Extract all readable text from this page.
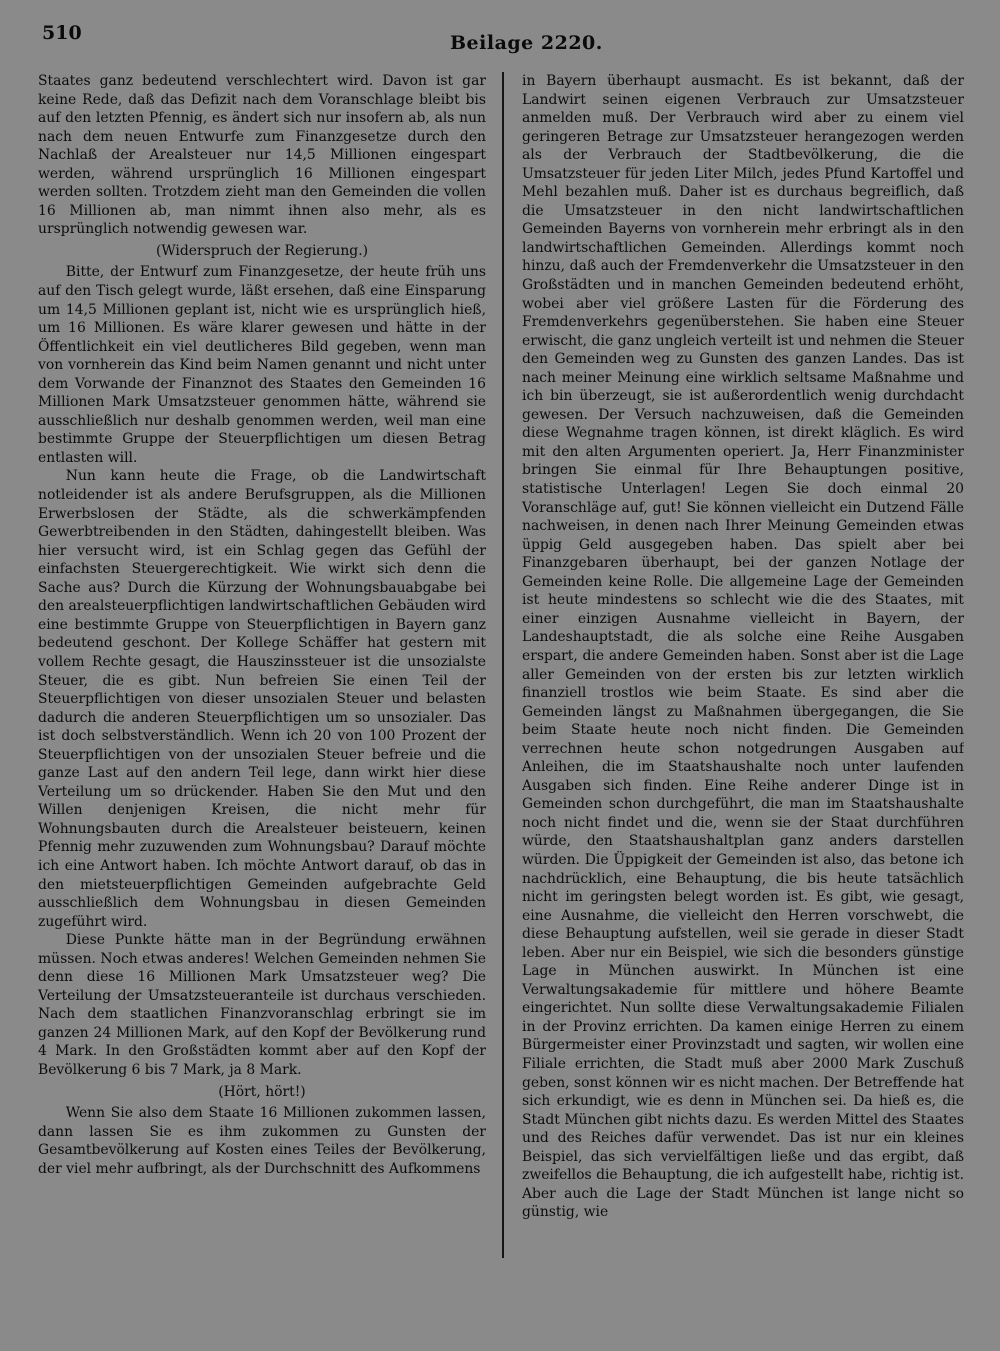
510	Beilage 2220.

Staates ganz bedeutend verschlechtert wird. Davon ist gar keine Rede, daß das Defizit nach dem Voranschlage bleibt bis auf den letzten Pfennig, es ändert sich nur insofern ab, als nun nach dem neuen Entwurfe zum Finanzgesetze durch den Nachlaß der Arealsteuer nur 14,5 Millionen eingespart werden, während ursprünglich 16 Millionen eingespart werden sollten. Trotzdem zieht man den Gemeinden die vollen 16 Millionen ab, man nimmt ihnen also mehr, als es ursprünglich notwendig gewesen war.

(Widerspruch der Regierung.)

Bitte, der Entwurf zum Finanzgesetze, der heute früh uns auf den Tisch gelegt wurde, läßt ersehen, daß eine Einsparung um 14,5 Millionen geplant ist, nicht wie es ursprünglich hieß, um 16 Millionen. Es wäre klarer gewesen und hätte in der Öffentlichkeit ein viel deutlicheres Bild gegeben, wenn man von vornherein das Kind beim Namen genannt und nicht unter dem Vorwande der Finanznot des Staates den Gemeinden 16 Millionen Mark Umsatzsteuer genommen hätte, während sie ausschließlich nur deshalb genommen werden, weil man eine bestimmte Gruppe der Steuerpflichtigen um diesen Betrag entlasten will.

Nun kann heute die Frage, ob die Landwirtschaft notleidender ist als andere Berufsgruppen, als die Millionen Erwerbslosen der Städte, als die schwerkämpfenden Gewerbtreibenden in den Städten, dahingestellt bleiben. Was hier versucht wird, ist ein Schlag gegen das Gefühl der einfachsten Steuergerechtigkeit. Wie wirkt sich denn die Sache aus? Durch die Kürzung der Wohnungsbauabgabe bei den arealsteuerpflichtigen landwirtschaftlichen Gebäuden wird eine bestimmte Gruppe von Steuerpflichtigen in Bayern ganz bedeutend geschont. Der Kollege Schäffer hat gestern mit vollem Rechte gesagt, die Hauszinssteuer ist die unsozialste Steuer, die es gibt. Nun befreien Sie einen Teil der Steuerpflichtigen von dieser unsozialen Steuer und belasten dadurch die anderen Steuerpflichtigen um so unsozialer. Das ist doch selbstverständlich. Wenn ich 20 von 100 Prozent der Steuerpflichtigen von der unsozialen Steuer befreie und die ganze Last auf den andern Teil lege, dann wirkt hier diese Verteilung um so drückender. Haben Sie den Mut und den Willen denjenigen Kreisen, die nicht mehr für Wohnungsbauten durch die Arealsteuer beisteuern, keinen Pfennig mehr zuzuwenden zum Wohnungsbau? Darauf möchte ich eine Antwort haben. Ich möchte Antwort darauf, ob das in den mietsteuerpflichtigen Gemeinden aufgebrachte Geld ausschließlich dem Wohnungsbau in diesen Gemeinden zugeführt wird.

Diese Punkte hätte man in der Begründung erwähnen müssen. Noch etwas anderes! Welchen Gemeinden nehmen Sie denn diese 16 Millionen Mark Umsatzsteuer weg? Die Verteilung der Umsatzsteueranteile ist durchaus verschieden. Nach dem staatlichen Finanzvoranschlag erbringt sie im ganzen 24 Millionen Mark, auf den Kopf der Bevölkerung rund 4 Mark. In den Großstädten kommt aber auf den Kopf der Bevölkerung 6 bis 7 Mark, ja 8 Mark.

(Hört, hört!)

Wenn Sie also dem Staate 16 Millionen zukommen lassen, dann lassen Sie es ihm zukommen zu Gunsten der Gesamtbevölkerung auf Kosten eines Teiles der Bevölkerung, der viel mehr aufbringt, als der Durchschnitt des Aufkommens

in Bayern überhaupt ausmacht. Es ist bekannt, daß der Landwirt seinen eigenen Verbrauch zur Umsatzsteuer anmelden muß. Der Verbrauch wird aber zu einem viel geringeren Betrage zur Umsatzsteuer herangezogen werden als der Verbrauch der Stadtbevölkerung, die die Umsatzsteuer für jeden Liter Milch, jedes Pfund Kartoffel und Mehl bezahlen muß. Daher ist es durchaus begreiflich, daß die Umsatzsteuer in den nicht landwirtschaftlichen Gemeinden Bayerns von vornherein mehr erbringt als in den landwirtschaftlichen Gemeinden. Allerdings kommt noch hinzu, daß auch der Fremdenverkehr die Umsatzsteuer in den Großstädten und in manchen Gemeinden bedeutend erhöht, wobei aber viel größere Lasten für die Förderung des Fremdenverkehrs gegenüberstehen. Sie haben eine Steuer erwischt, die ganz ungleich verteilt ist und nehmen die Steuer den Gemeinden weg zu Gunsten des ganzen Landes. Das ist nach meiner Meinung eine wirklich seltsame Maßnahme und ich bin überzeugt, sie ist außerordentlich wenig durchdacht gewesen. Der Versuch nachzuweisen, daß die Gemeinden diese Wegnahme tragen können, ist direkt kläglich. Es wird mit den alten Argumenten operiert. Ja, Herr Finanzminister bringen Sie einmal für Ihre Behauptungen positive, statistische Unterlagen! Legen Sie doch einmal 20 Voranschläge auf, gut! Sie können vielleicht ein Dutzend Fälle nachweisen, in denen nach Ihrer Meinung Gemeinden etwas üppig Geld ausgegeben haben. Das spielt aber bei Finanzgebaren überhaupt, bei der ganzen Notlage der Gemeinden keine Rolle. Die allgemeine Lage der Gemeinden ist heute mindestens so schlecht wie die des Staates, mit einer einzigen Ausnahme vielleicht in Bayern, der Landeshauptstadt, die als solche eine Reihe Ausgaben erspart, die andere Gemeinden haben. Sonst aber ist die Lage aller Gemeinden von der ersten bis zur letzten wirklich finanziell trostlos wie beim Staate. Es sind aber die Gemeinden längst zu Maßnahmen übergegangen, die Sie beim Staate heute noch nicht finden. Die Gemeinden verrechnen heute schon notgedrungen Ausgaben auf Anleihen, die im Staatshaushalte noch unter laufenden Ausgaben sich finden. Eine Reihe anderer Dinge ist in Gemeinden schon durchgeführt, die man im Staatshaushalte noch nicht findet und die, wenn sie der Staat durchführen würde, den Staatshaushaltplan ganz anders darstellen würden. Die Üppigkeit der Gemeinden ist also, das betone ich nachdrücklich, eine Behauptung, die bis heute tatsächlich nicht im geringsten belegt worden ist. Es gibt, wie gesagt, eine Ausnahme, die vielleicht den Herren vorschwebt, die diese Behauptung aufstellen, weil sie gerade in dieser Stadt leben. Aber nur ein Beispiel, wie sich die besonders günstige Lage in München auswirkt. In München ist eine Verwaltungsakademie für mittlere und höhere Beamte eingerichtet. Nun sollte diese Verwaltungsakademie Filialen in der Provinz errichten. Da kamen einige Herren zu einem Bürgermeister einer Provinzstadt und sagten, wir wollen eine Filiale errichten, die Stadt muß aber 2000 Mark Zuschuß geben, sonst können wir es nicht machen. Der Betreffende hat sich erkundigt, wie es denn in München sei. Da hieß es, die Stadt München gibt nichts dazu. Es werden Mittel des Staates und des Reiches dafür verwendet. Das ist nur ein kleines Beispiel, das sich vervielfältigen ließe und das ergibt, daß zweifellos die Behauptung, die ich aufgestellt habe, richtig ist. Aber auch die Lage der Stadt München ist lange nicht so günstig, wie
